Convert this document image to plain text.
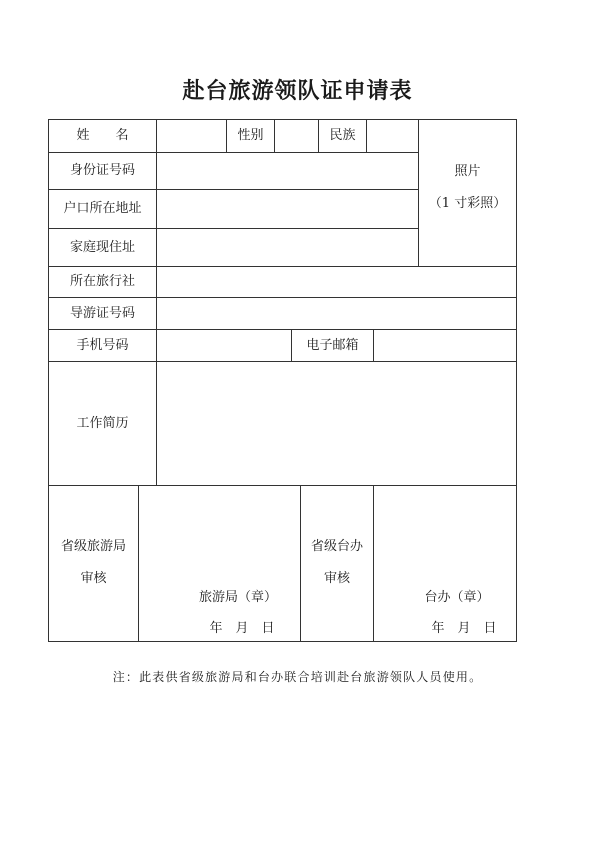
赴台旅游领队证申请表
姓　　名	性别	民族
照片
（1 寸彩照）
身份证号码
户口所在地址
家庭现住址
所在旅行社
导游证号码
手机号码	电子邮箱
工作简历
省级旅游局
审核
旅游局（章）
年　月　日
省级台办
审核
台办（章）
年　月　日
注：此表供省级旅游局和台办联合培训赴台旅游领队人员使用。
